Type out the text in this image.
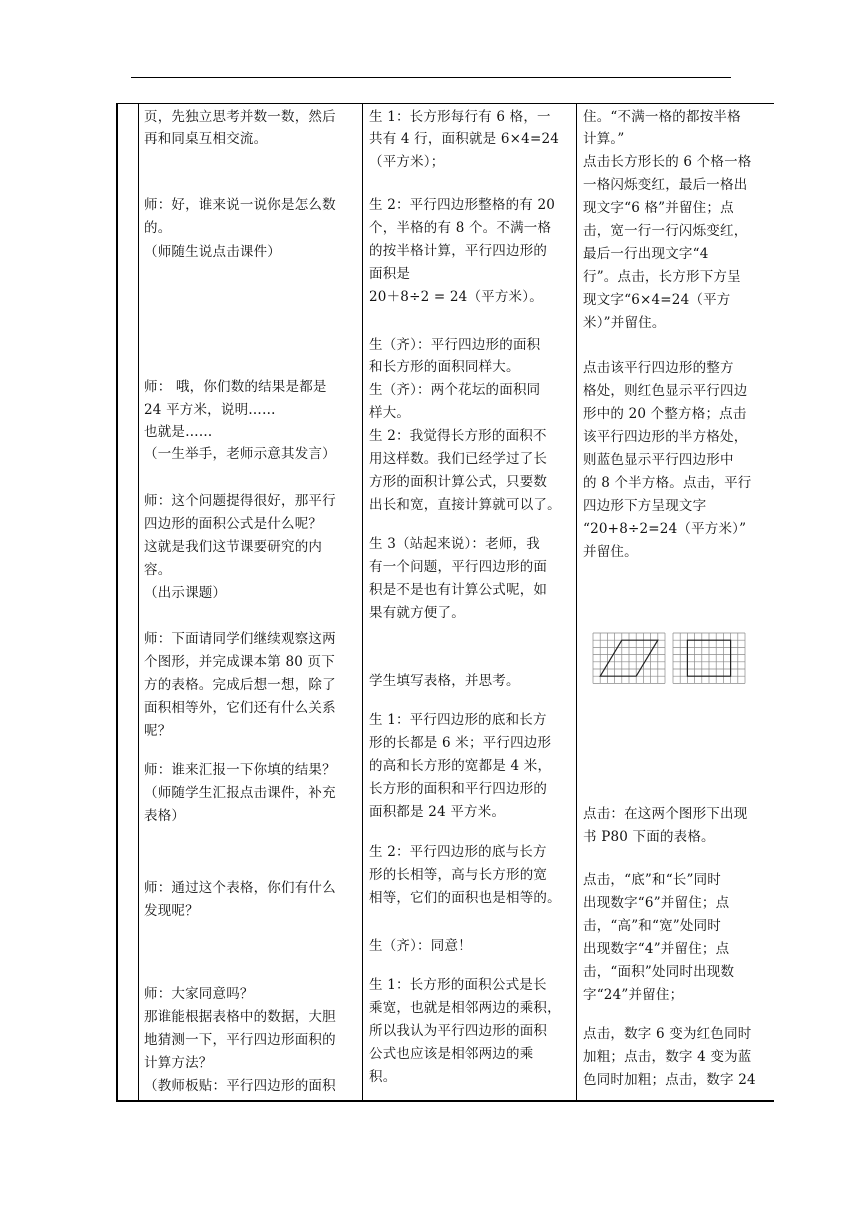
页，先独立思考并数一数，然后
再和同桌互相交流。
师：好，谁来说一说你是怎么数
的。
（师随生说点击课件）
师： 哦，你们数的结果是都是
24 平方米，说明……
也就是……
（一生举手，老师示意其发言）
师：这个问题提得很好，那平行
四边形的面积公式是什么呢？
这就是我们这节课要研究的内
容。
（出示课题）
师：下面请同学们继续观察这两
个图形，并完成课本第 80 页下
方的表格。完成后想一想，除了
面积相等外，它们还有什么关系
呢？
师：谁来汇报一下你填的结果？
（师随学生汇报点击课件，补充
表格）
师：通过这个表格，你们有什么
发现呢？
师：大家同意吗？
那谁能根据表格中的数据，大胆
地猜测一下，平行四边形面积的
计算方法？
（教师板贴：平行四边形的面积
生 1：长方形每行有 6 格，一
共有 4 行，面积就是 6×4=24
（平方米）；
生 2：平行四边形整格的有 20
个，半格的有 8 个。不满一格
的按半格计算，平行四边形的
面积是
20＋8÷2 = 24（平方米）。
生（齐）：平行四边形的面积
和长方形的面积同样大。
生（齐）：两个花坛的面积同
样大。
生 2：我觉得长方形的面积不
用这样数。我们已经学过了长
方形的面积计算公式，只要数
出长和宽，直接计算就可以了。
生 3（站起来说）：老师，我
有一个问题，平行四边形的面
积是不是也有计算公式呢，如
果有就方便了。
学生填写表格，并思考。
生 1：平行四边形的底和长方
形的长都是 6 米；平行四边形
的高和长方形的宽都是 4 米，
长方形的面积和平行四边形的
面积都是 24 平方米。
生 2：平行四边形的底与长方
形的长相等，高与长方形的宽
相等，它们的面积也是相等的。
生（齐）：同意！
生 1：长方形的面积公式是长
乘宽，也就是相邻两边的乘积，
所以我认为平行四边形的面积
公式也应该是相邻两边的乘
积。
住。“不满一格的都按半格
计算。”
点击长方形长的 6 个格一格
一格闪烁变红，最后一格出
现文字“6 格”并留住；点
击，宽一行一行闪烁变红，
最后一行出现文字“4
行”。点击，长方形下方呈
现文字“6×4=24（平方
米）”并留住。
点击该平行四边形的整方
格处，则红色显示平行四边
形中的 20 个整方格；点击
该平行四边形的半方格处，
则蓝色显示平行四边形中
的 8 个半方格。点击，平行
四边形下方呈现文字
“20+8÷2=24（平方米）”
并留住。
点击：在这两个图形下出现
书 P80 下面的表格。
点击，“底”和“长”同时
出现数字“6”并留住；点
击，“高”和“宽”处同时
出现数字“4”并留住；点
击，“面积”处同时出现数
字“24”并留住；
点击，数字 6 变为红色同时
加粗；点击，数字 4 变为蓝
色同时加粗；点击，数字 24
